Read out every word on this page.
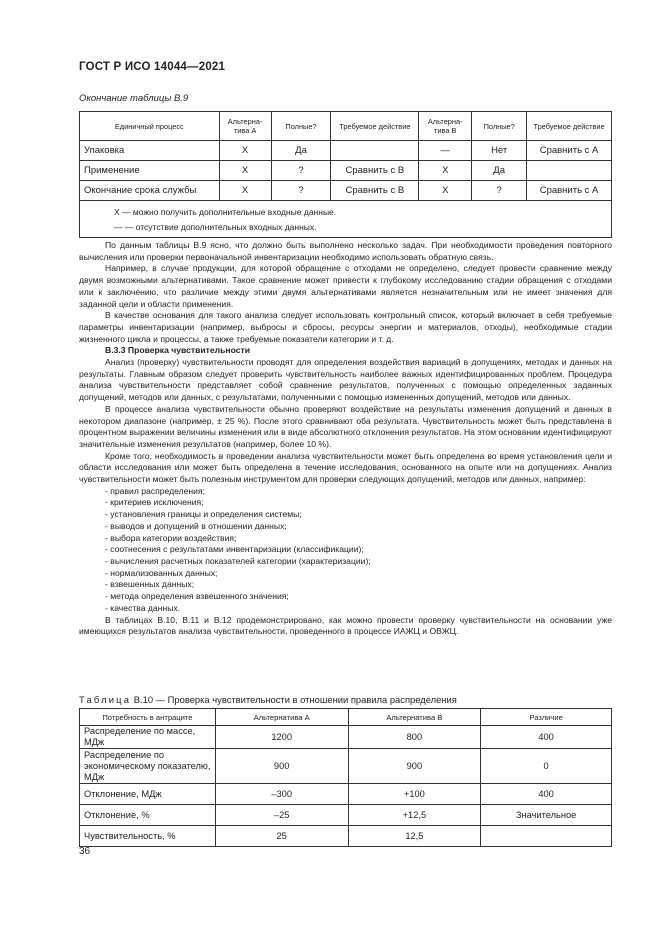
ГОСТ Р ИСО 14044—2021
Окончание таблицы В.9
Единичный процесс	Альтерна-тива А	Полные?	Требуемое действие	Альтерна-тива В	Полные?	Требуемое действие
Упаковка	X	Да		—	Нет	Сравнить с А
Применение	X	?	Сравнить с В	X	Да	
Окончание срока службы	X	?	Сравнить с В	X	?	Сравнить с А

X — можно получить дополнительные входные данные.
— — отсутствие дополнительных входных данных.						

По данным таблицы В.9 ясно, что должно быть выполнено несколько задач. При необходимости проведения повторного вычисления или проверки первоначальной инвентаризации необходимо использовать обратную связь.

Например, в случае продукции, для которой обращение с отходами не определено, следует провести сравнение между двумя возможными альтернативами. Такое сравнение может привести к глубокому исследованию стадии обращения с отходами или к заключению, что различие между этими двумя альтернативами является незначительным или не имеет значения для заданной цели и области применения.

В качестве основания для такого анализа следует использовать контрольный список, который включает в себя требуемые параметры инвентаризации (например, выбросы и сбросы, ресурсы энергии и материалов, отходы), необходимые стадии жизненного цикла и процессы, а также требуемые показатели категории и т. д.

В.3.3 Проверка чувствительности

Анализ (проверку) чувствительности проводят для определения воздействия вариаций в допущениях, методах и данных на результаты. Главным образом следует проверить чувствительность наиболее важных идентифицированных проблем. Процедура анализа чувствительности представляет собой сравнение результатов, полученных с помощью определенных заданных допущений, методов или данных, с результатами, полученными с помощью измененных допущений, методов или данных.

В процессе анализа чувствительности обычно проверяют воздействие на результаты изменения допущений и данных в некотором диапазоне (например, ± 25 %). После этого сравнивают оба результата. Чувствительность может быть представлена в процентном выражении величины изменения или в виде абсолютного отклонения результатов. На этом основании идентифицируют значительные изменения результатов (например, более 10 %).

Кроме того, необходимость в проведении анализа чувствительности может быть определена во время установления цели и области исследования или может быть определена в течение исследования, основанного на опыте или на допущениях. Анализ чувствительности может быть полезным инструментом для проверки следующих допущений, методов или данных, например:

- правил распределения;
- критериев исключения;
- установления границы и определения системы;
- выводов и допущений в отношении данных;
- выбора категории воздействия;
- соотнесения с результатами инвентаризации (классификации);
- вычисления расчетных показателей категории (характеризации);
- нормализованных данных;
- взвешенных данных;
- метода определения взвешенного значения;
- качества данных.

В таблицах В.10, В.11 и В.12 продемонстрировано, как можно провести проверку чувствительности на основании уже имеющихся результатов анализа чувствительности, проведенного в процессе ИАЖЦ и ОВЖЦ.

Таблица В.10 — Проверка чувствительности в отношении правила распределения
Потребность в антраците	Альтернатива А	Альтернатива В	Различие
Распределение по массе, МДж	1200	800	400
Распределение по экономическому показателю, МДж	900	900	0
Отклонение, МДж	–300	+100	400
Отклонение, %	–25	+12,5	Значительное
Чувствительность, %	25	12,5	
36
